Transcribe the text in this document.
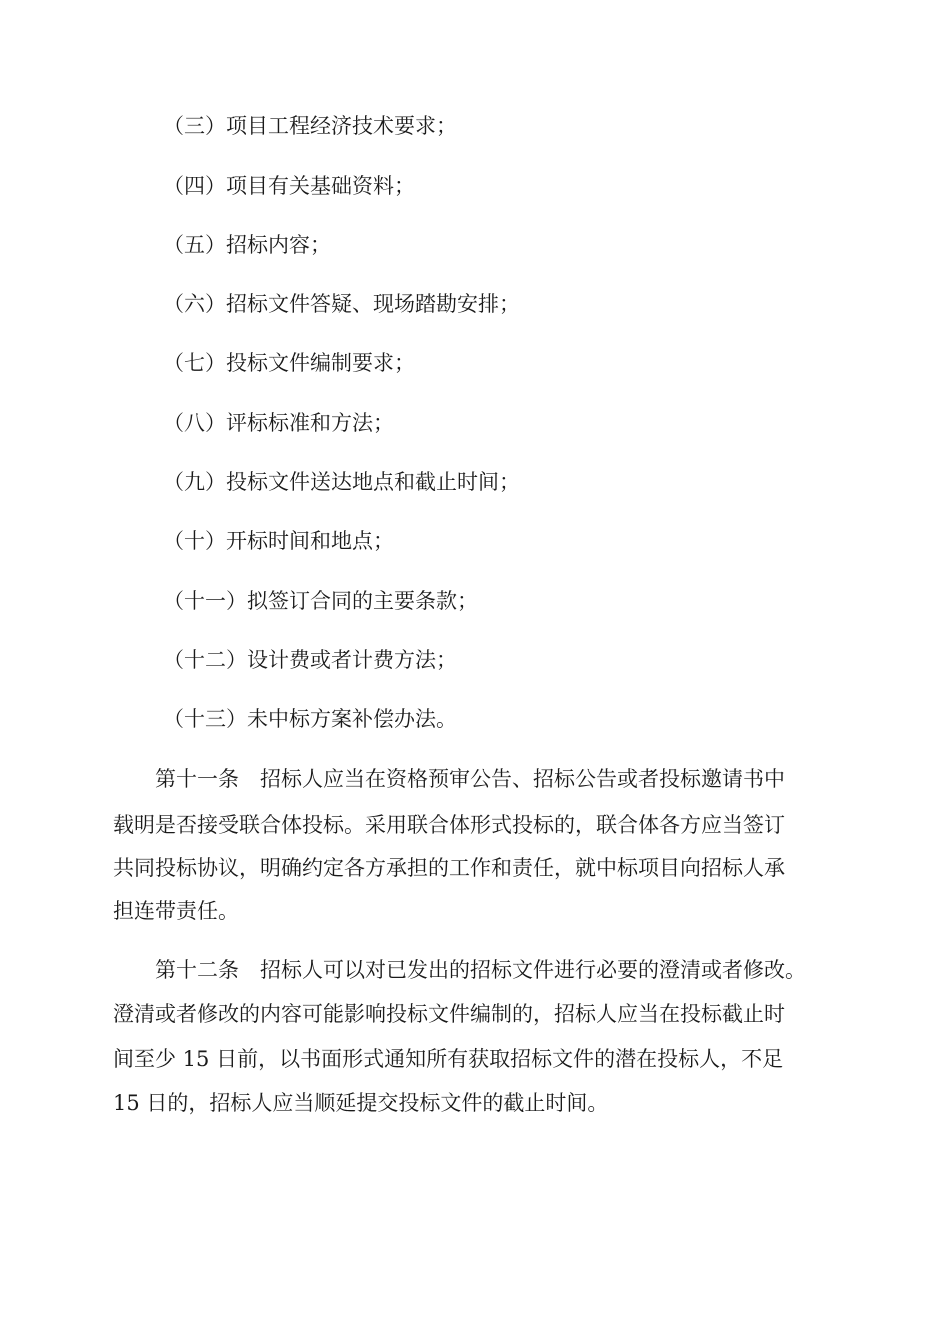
（三）项目工程经济技术要求；
（四）项目有关基础资料；
（五）招标内容；
（六）招标文件答疑、现场踏勘安排；
（七）投标文件编制要求；
（八）评标标准和方法；
（九）投标文件送达地点和截止时间；
（十）开标时间和地点；
（十一）拟签订合同的主要条款；
（十二）设计费或者计费方法；
（十三）未中标方案补偿办法。
　　第十一条　招标人应当在资格预审公告、招标公告或者投标邀请书中
载明是否接受联合体投标。采用联合体形式投标的，联合体各方应当签订
共同投标协议，明确约定各方承担的工作和责任，就中标项目向招标人承
担连带责任。
　　第十二条　招标人可以对已发出的招标文件进行必要的澄清或者修改。
澄清或者修改的内容可能影响投标文件编制的，招标人应当在投标截止时
间至少 15 日前，以书面形式通知所有获取招标文件的潜在投标人，不足
15 日的，招标人应当顺延提交投标文件的截止时间。
